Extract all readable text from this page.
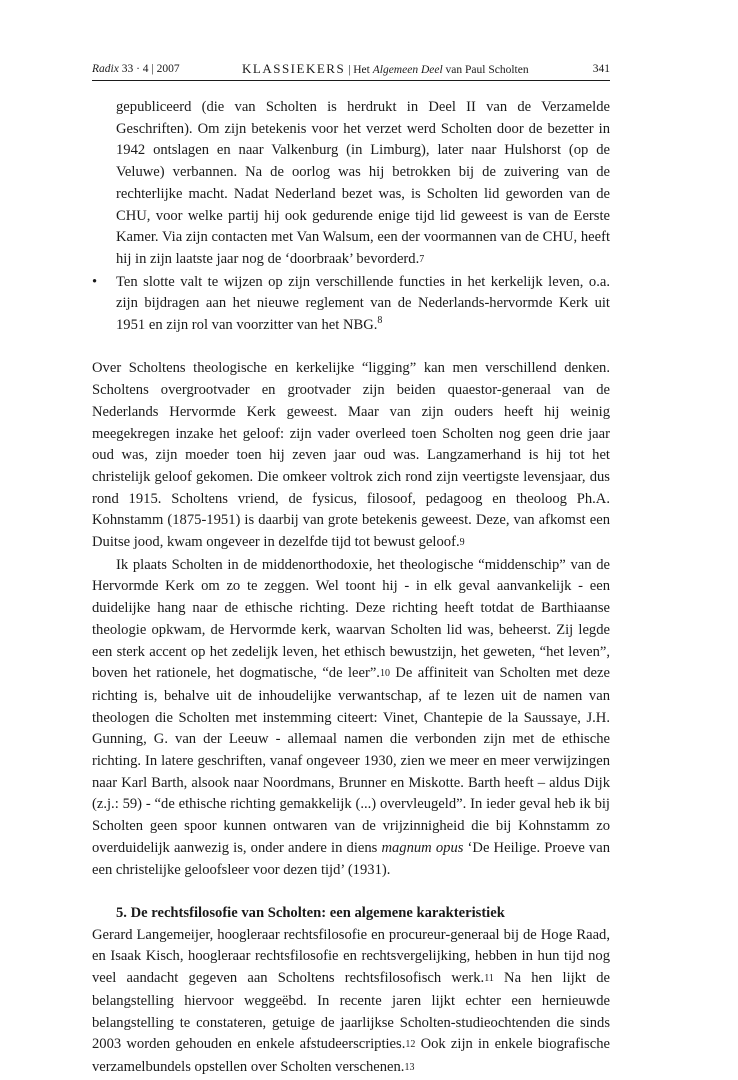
Radix 33 · 4 | 2007	KLASSIEKERS | Het Algemeen Deel van Paul Scholten	341

gepubliceerd (die van Scholten is herdrukt in Deel II van de Verzamelde Geschriften). Om zijn betekenis voor het verzet werd Scholten door de bezetter in 1942 ontslagen en naar Valkenburg (in Limburg), later naar Hulshorst (op de Veluwe) verbannen. Na de oorlog was hij betrokken bij de zuivering van de rechterlijke macht. Nadat Nederland bezet was, is Scholten lid geworden van de CHU, voor welke partij hij ook gedurende enige tijd lid geweest is van de Eerste Kamer. Via zijn contacten met Van Walsum, een der voormannen van de CHU, heeft hij in zijn laatste jaar nog de ‘doorbraak’ bevorderd.7

• Ten slotte valt te wijzen op zijn verschillende functies in het kerkelijk leven, o.a. zijn bijdragen aan het nieuwe reglement van de Nederlands-hervormde Kerk uit 1951 en zijn rol van voorzitter van het NBG.$^8$

Over Scholtens theologische en kerkelijke “ligging” kan men verschillend denken. Scholtens overgrootvader en grootvader zijn beiden quaestor-generaal van de Nederlands Hervormde Kerk geweest. Maar van zijn ouders heeft hij weinig meegekregen inzake het geloof: zijn vader overleed toen Scholten nog geen drie jaar oud was, zijn moeder toen hij zeven jaar oud was. Langzamerhand is hij tot het christelijk geloof gekomen. Die omkeer voltrok zich rond zijn veertigste levensjaar, dus rond 1915. Scholtens vriend, de fysicus, filosoof, pedagoog en theoloog Ph.A. Kohnstamm (1875-1951) is daarbij van grote betekenis geweest. Deze, van afkomst een Duitse jood, kwam ongeveer in dezelfde tijd tot bewust geloof.9

Ik plaats Scholten in de middenorthodoxie, het theologische “middenschip” van de Hervormde Kerk om zo te zeggen. Wel toont hij - in elk geval aanvankelijk - een duidelijke hang naar de ethische richting. Deze richting heeft totdat de Barthiaanse theologie opkwam, de Hervormde kerk, waarvan Scholten lid was, beheerst. Zij legde een sterk accent op het zedelijk leven, het ethisch bewustzijn, het geweten, “het leven”, boven het rationele, het dogmatische, “de leer”.10 De affiniteit van Scholten met deze richting is, behalve uit de inhoudelijke verwantschap, af te lezen uit de namen van theologen die Scholten met instemming citeert: Vinet, Chantepie de la Saussaye, J.H. Gunning, G. van der Leeuw - allemaal namen die verbonden zijn met de ethische richting. In latere geschriften, vanaf ongeveer 1930, zien we meer en meer verwijzingen naar Karl Barth, alsook naar Noordmans, Brunner en Miskotte. Barth heeft – aldus Dijk (z.j.: 59) - “de ethische richting gemakkelijk (...) overvleugeld”. In ieder geval heb ik bij Scholten geen spoor kunnen ontwaren van de vrijzinnigheid die bij Kohnstamm zo overduidelijk aanwezig is, onder andere in diens magnum opus ‘De Heilige. Proeve van een christelijke geloofsleer voor dezen tijd’ (1931).

5. De rechtsfilosofie van Scholten: een algemene karakteristiek

Gerard Langemeijer, hoogleraar rechtsfilosofie en procureur-generaal bij de Hoge Raad, en Isaak Kisch, hoogleraar rechtsfilosofie en rechtsvergelijking, hebben in hun tijd nog veel aandacht gegeven aan Scholtens rechtsfilosofisch werk.11 Na hen lijkt de belangstelling hiervoor weggeëbd. In recente jaren lijkt echter een hernieuwde belangstelling te constateren, getuige de jaarlijkse Scholten-studieochtenden die sinds 2003 worden gehouden en enkele afstudeerscripties.12 Ook zijn in enkele biografische verzamelbundels opstellen over Scholten verschenen.13
